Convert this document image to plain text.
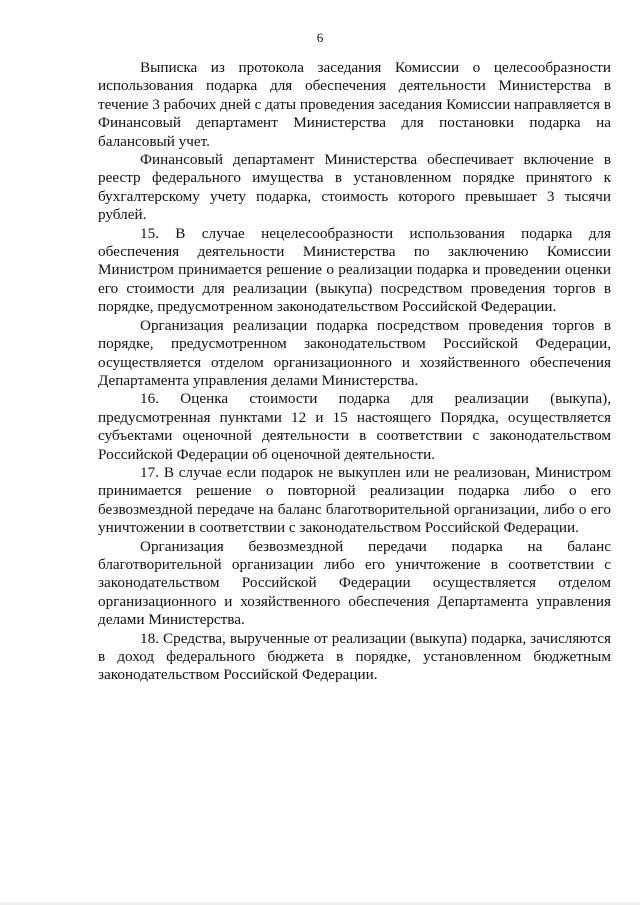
6

Выписка из протокола заседания Комиссии о целесообразности использования подарка для обеспечения деятельности Министерства в течение 3 рабочих дней с даты проведения заседания Комиссии направляется в Финансовый департамент Министерства для постановки подарка на балансовый учет.

Финансовый департамент Министерства обеспечивает включение в реестр федерального имущества в установленном порядке принятого к бухгалтерскому учету подарка, стоимость которого превышает 3 тысячи рублей.

15. В случае нецелесообразности использования подарка для обеспечения деятельности Министерства по заключению Комиссии Министром принимается решение о реализации подарка и проведении оценки его стоимости для реализации (выкупа) посредством проведения торгов в порядке, предусмотренном законодательством Российской Федерации.

Организация реализации подарка посредством проведения торгов в порядке, предусмотренном законодательством Российской Федерации, осуществляется отделом организационного и хозяйственного обеспечения Департамента управления делами Министерства.

16. Оценка стоимости подарка для реализации (выкупа), предусмотренная пунктами 12 и 15 настоящего Порядка, осуществляется субъектами оценочной деятельности в соответствии с законодательством Российской Федерации об оценочной деятельности.

17. В случае если подарок не выкуплен или не реализован, Министром принимается решение о повторной реализации подарка либо о его безвозмездной передаче на баланс благотворительной организации, либо о его уничтожении в соответствии с законодательством Российской Федерации.

Организация безвозмездной передачи подарка на баланс благотворительной организации либо его уничтожение в соответствии с законодательством Российской Федерации осуществляется отделом организационного и хозяйственного обеспечения Департамента управления делами Министерства.

18. Средства, вырученные от реализации (выкупа) подарка, зачисляются в доход федерального бюджета в порядке, установленном бюджетным законодательством Российской Федерации.
